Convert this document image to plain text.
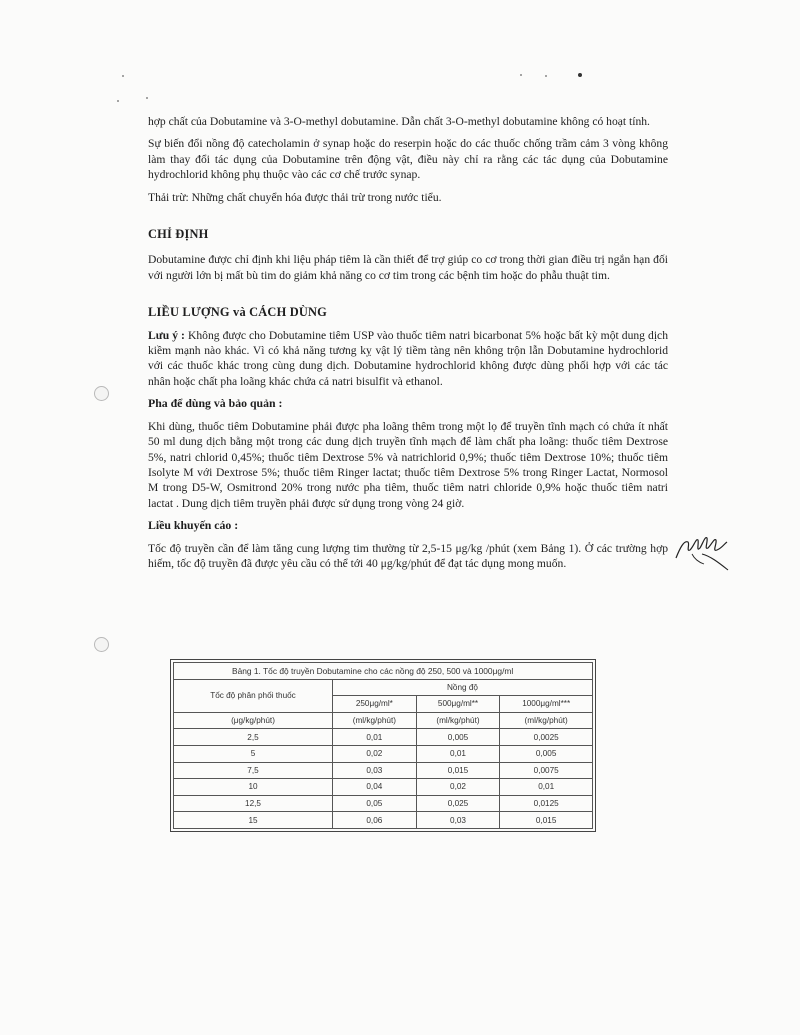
hợp chất của Dobutamine và 3-O-methyl dobutamine. Dẫn chất 3-O-methyl dobutamine không có hoạt tính.

Sự biến đổi nồng độ catecholamin ở synap hoặc do reserpin hoặc do các thuốc chống trầm cảm 3 vòng không làm thay đổi tác dụng của Dobutamine trên động vật, điều này chỉ ra rằng các tác dụng của Dobutamine hydrochlorid không phụ thuộc vào các cơ chế trước synap.

Thải trừ: Những chất chuyển hóa được thải trừ trong nước tiểu.

CHỈ ĐỊNH

Dobutamine được chỉ định khi liệu pháp tiêm là cần thiết để trợ giúp co cơ trong thời gian điều trị ngắn hạn đối với người lớn bị mất bù tim do giảm khả năng co cơ tim trong các bệnh tim hoặc do phẫu thuật tim.

LIỀU LƯỢNG và CÁCH DÙNG

Lưu ý : Không được cho Dobutamine tiêm USP vào thuốc tiêm natri bicarbonat 5% hoặc bất kỳ một dung dịch kiềm mạnh nào khác. Vì có khả năng tương kỵ vật lý tiềm tàng nên không trộn lẫn Dobutamine hydrochlorid với các thuốc khác trong cùng dung dịch. Dobutamine hydrochlorid không được dùng phối hợp với các tác nhân hoặc chất pha loãng khác chứa cả natri bisulfit và ethanol.

Pha để dùng và bảo quản :

Khi dùng, thuốc tiêm Dobutamine phải được pha loãng thêm trong một lọ để truyền tĩnh mạch có chứa ít nhất 50 ml dung dịch bằng một trong các dung dịch truyền tĩnh mạch để làm chất pha loãng: thuốc tiêm Dextrose 5%, natri chlorid 0,45%; thuốc tiêm Dextrose 5% và natrichlorid 0,9%; thuốc tiêm Dextrose 10%; thuốc tiêm Isolyte M với Dextrose 5%; thuốc tiêm Ringer lactat; thuốc tiêm Dextrose 5% trong Ringer Lactat, Normosol M trong D5-W, Osmitrond 20% trong nước pha tiêm, thuốc tiêm natri chloride 0,9% hoặc thuốc tiêm natri lactat . Dung dịch tiêm truyền phải được sử dụng trong vòng 24 giờ.

Liều khuyến cáo :

Tốc độ truyền cần để làm tăng cung lượng tim thường từ 2,5-15 μg/kg /phút (xem Bảng 1). Ở các trường hợp hiếm, tốc độ truyền đã được yêu cầu có thể tới 40 μg/kg/phút để đạt tác dụng mong muốn.

Bảng 1. Tốc độ truyền Dobutamine cho các nồng độ 250, 500 và 1000μg/ml			
Tốc độ phân phối thuốc	Nồng độ		
	250μg/ml*	500μg/ml**	1000μg/ml***
(μg/kg/phút)	(ml/kg/phút)	(ml/kg/phút)	(ml/kg/phút)
2,5	0,01	0,005	0,0025
5	0,02	0,01	0,005
7,5	0,03	0,015	0,0075
10	0,04	0,02	0,01
12,5	0,05	0,025	0,0125
15	0,06	0,03	0,015
